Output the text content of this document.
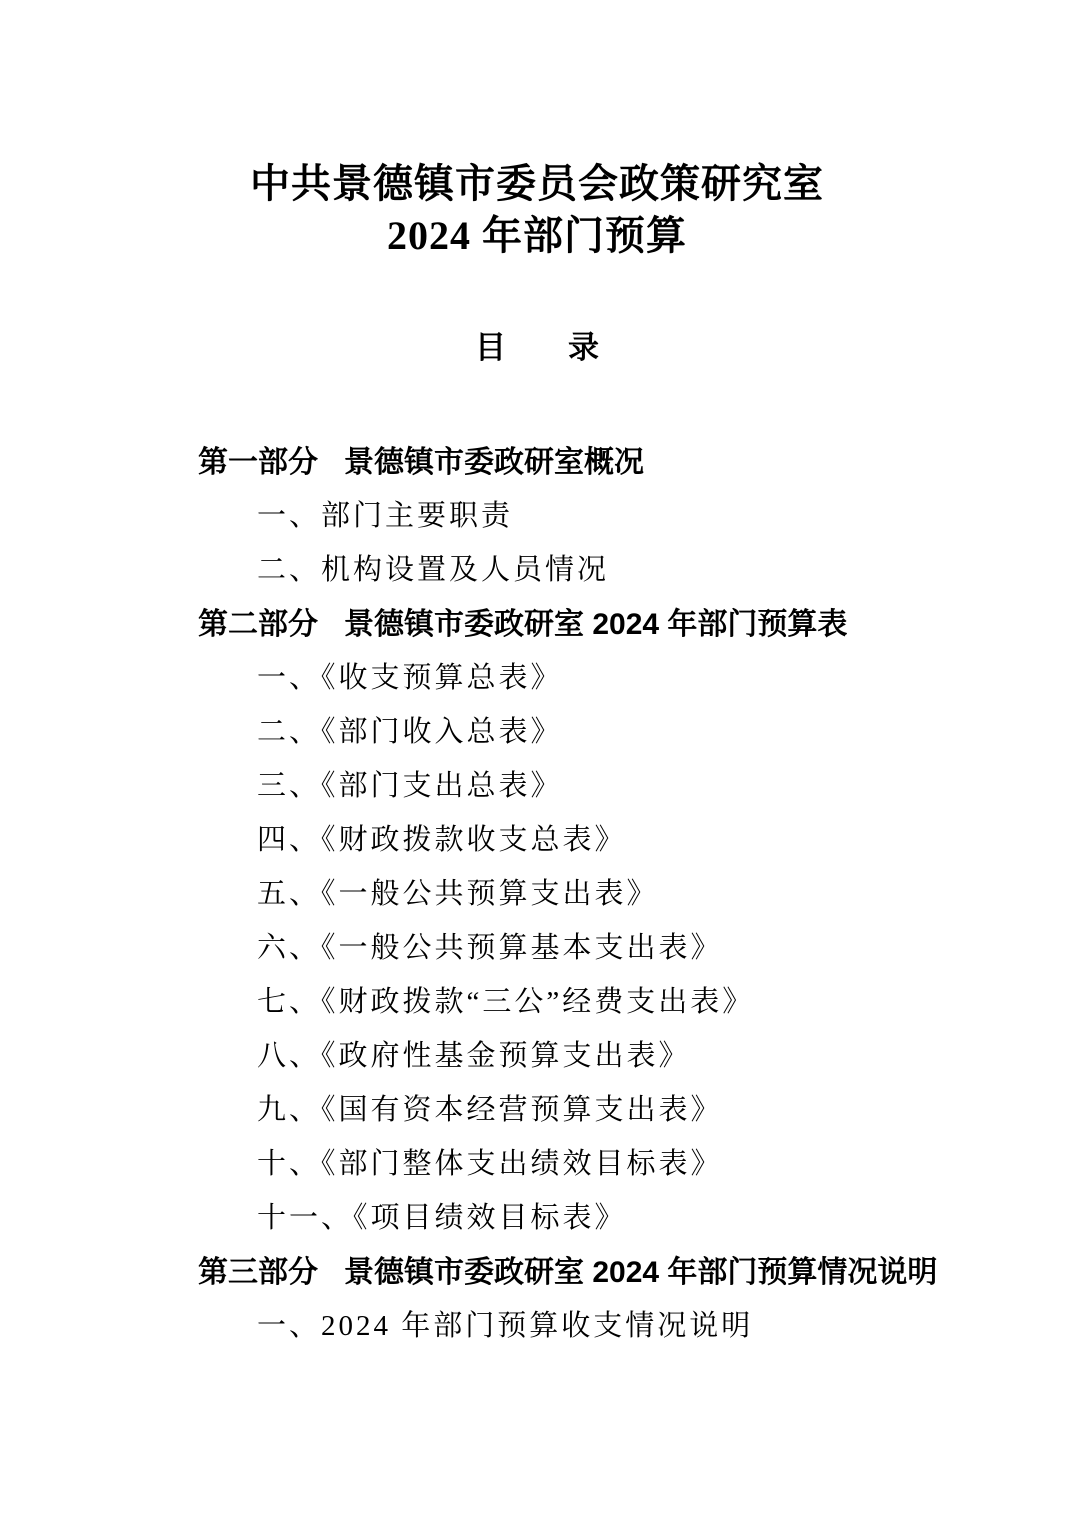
中共景德镇市委员会政策研究室
2024 年部门预算
目 录
第一部分 景德镇市委政研室概况
一、部门主要职责
二、机构设置及人员情况
第二部分 景德镇市委政研室 2024 年部门预算表
一、《收支预算总表》
二、《部门收入总表》
三、《部门支出总表》
四、《财政拨款收支总表》
五、《一般公共预算支出表》
六、《一般公共预算基本支出表》
七、《财政拨款“三公”经费支出表》
八、《政府性基金预算支出表》
九、《国有资本经营预算支出表》
十、《部门整体支出绩效目标表》
十一、《项目绩效目标表》
第三部分 景德镇市委政研室 2024 年部门预算情况说明
一、2024 年部门预算收支情况说明
